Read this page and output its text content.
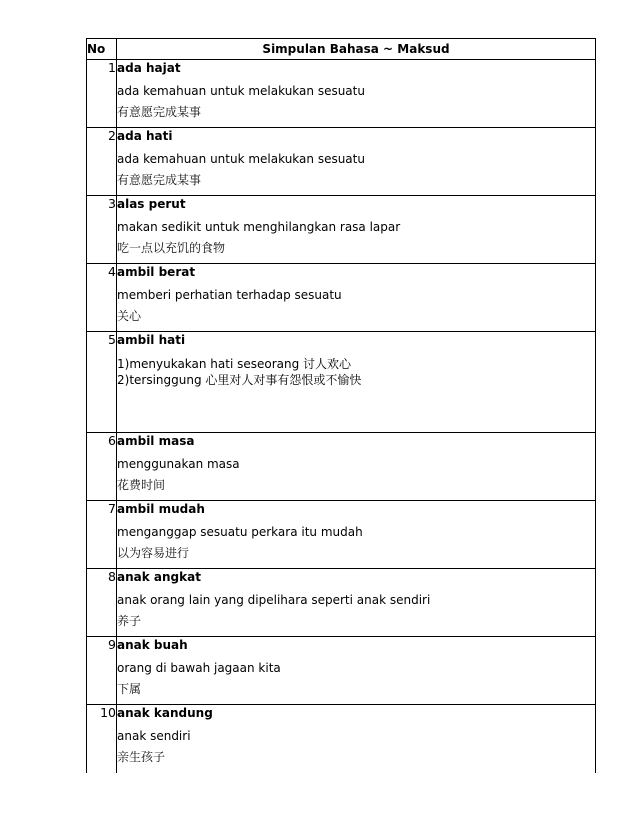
No	Simpulan Bahasa ~ Maksud
1	ada hajat
ada kemahuan untuk melakukan sesuatu
有意愿完成某事

2	ada hati
ada kemahuan untuk melakukan sesuatu
有意愿完成某事

3	alas perut
makan sedikit untuk menghilangkan rasa lapar
吃一点以充饥的食物

4	ambil berat
memberi perhatian terhadap sesuatu
关心

5	ambil hati
1)menyukakan hati seseorang 讨人欢心
2)tersinggung 心里对人对事有怨恨或不愉快

6	ambil masa
menggunakan masa
花费时间

7	ambil mudah
menganggap sesuatu perkara itu mudah
以为容易进行

8	anak angkat
anak orang lain yang dipelihara seperti anak sendiri
养子

9	anak buah
orang di bawah jagaan kita
下属

10	anak kandung
anak sendiri
亲生孩子
